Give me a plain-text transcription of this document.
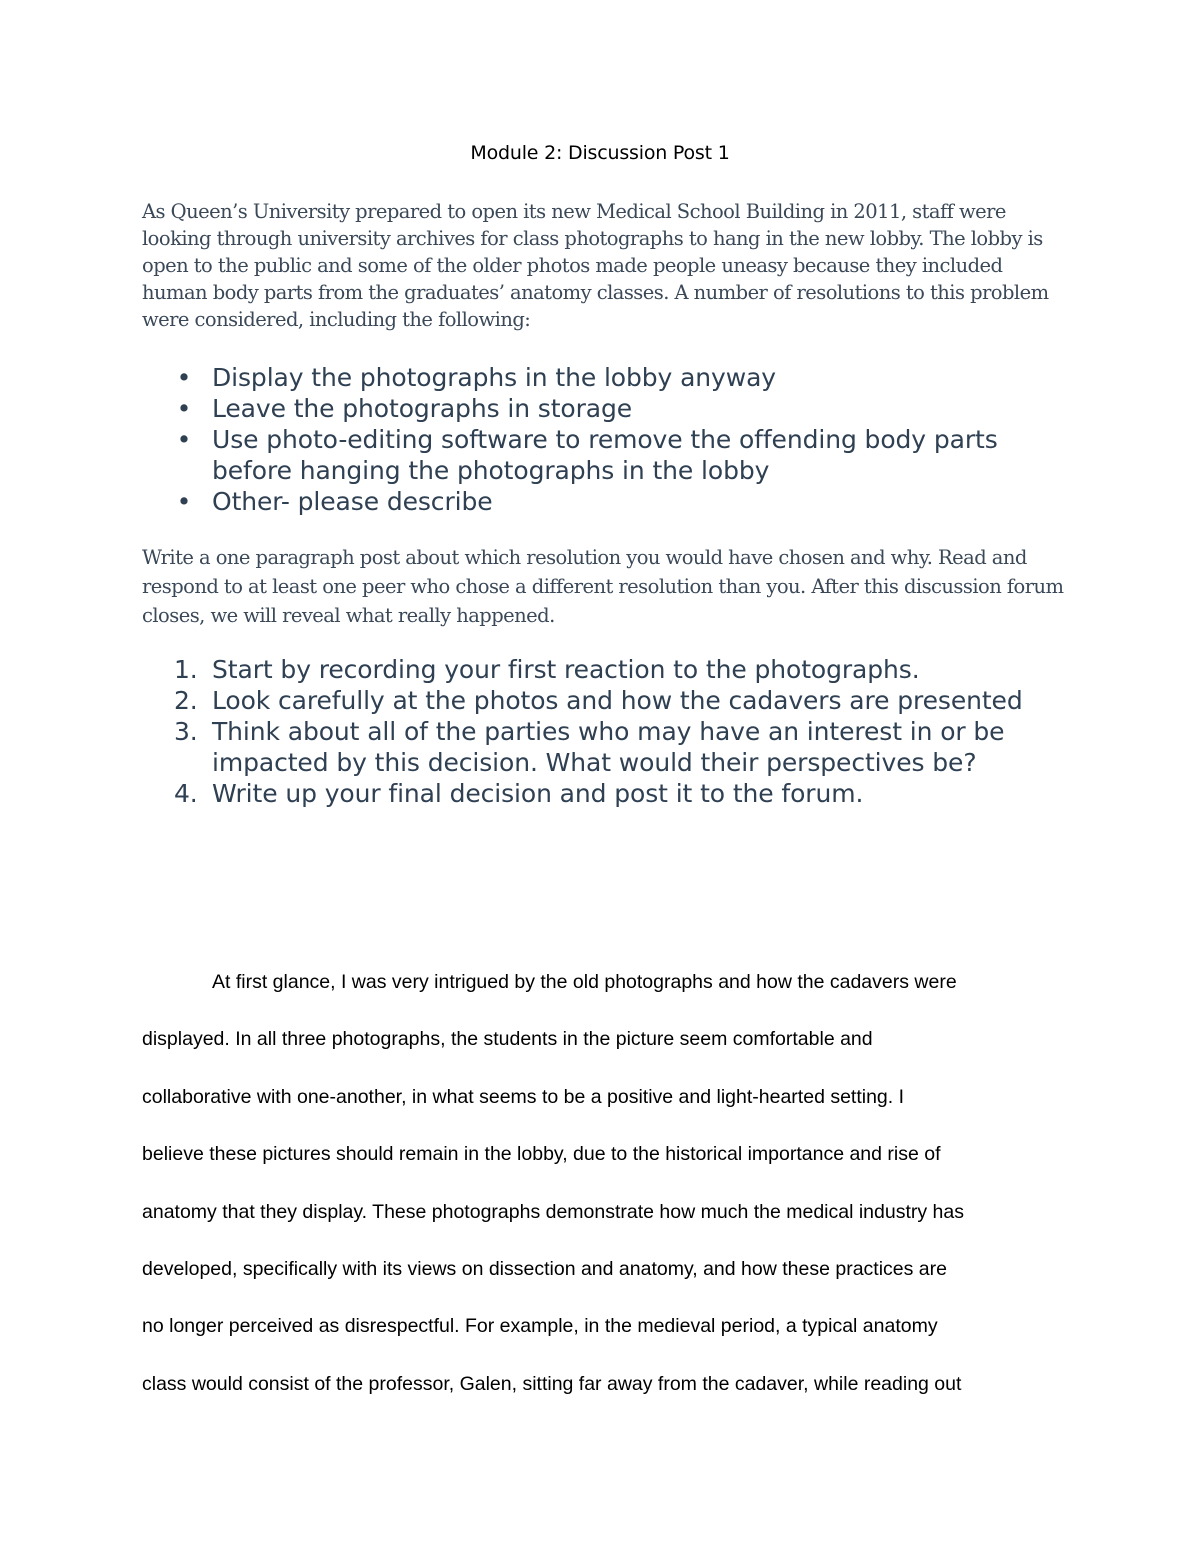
Module 2: Discussion Post 1

As Queen’s University prepared to open its new Medical School Building in 2011, staff were looking through university archives for class photographs to hang in the new lobby. The lobby is open to the public and some of the older photos made people uneasy because they included human body parts from the graduates’ anatomy classes. A number of resolutions to this problem were considered, including the following:

• Display the photographs in the lobby anyway
• Leave the photographs in storage
• Use photo-editing software to remove the offending body parts before hanging the photographs in the lobby
• Other- please describe

Write a one paragraph post about which resolution you would have chosen and why. Read and respond to at least one peer who chose a different resolution than you. After this discussion forum closes, we will reveal what really happened.

1. Start by recording your first reaction to the photographs.
2. Look carefully at the photos and how the cadavers are presented
3. Think about all of the parties who may have an interest in or be impacted by this decision. What would their perspectives be?
4. Write up your final decision and post it to the forum.
At first glance, I was very intrigued by the old photographs and how the cadavers were
displayed. In all three photographs, the students in the picture seem comfortable and
collaborative with one-another, in what seems to be a positive and light-hearted setting. I
believe these pictures should remain in the lobby, due to the historical importance and rise of
anatomy that they display. These photographs demonstrate how much the medical industry has
developed, specifically with its views on dissection and anatomy, and how these practices are
no longer perceived as disrespectful. For example, in the medieval period, a typical anatomy
class would consist of the professor, Galen, sitting far away from the cadaver, while reading out
